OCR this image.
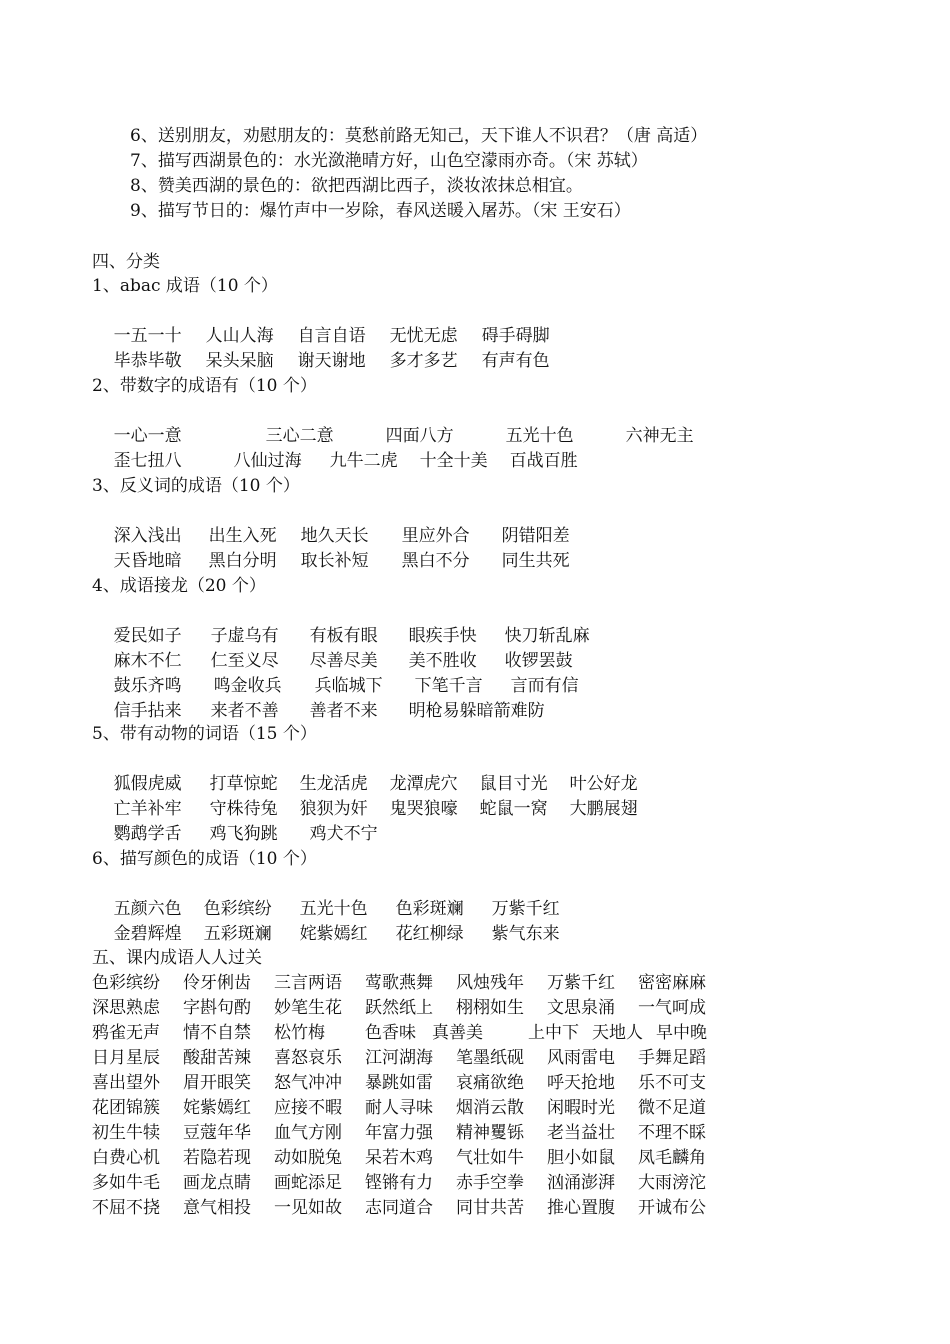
6、送别朋友，劝慰朋友的：莫愁前路无知己，天下谁人不识君？（唐 高适）
7、描写西湖景色的：水光潋滟晴方好，山色空濛雨亦奇。（宋 苏轼）
8、赞美西湖的景色的：欲把西湖比西子，淡妆浓抹总相宜。
9、描写节日的：爆竹声中一岁除，春风送暖入屠苏。（宋 王安石）
四、分类
1、abac 成语（10 个）

一五一十 人山人海 自言自语 无忧无虑 碍手碍脚

毕恭毕敬 呆头呆脑 谢天谢地 多才多艺 有声有色

2、带数字的成语有（10 个）

一心一意	三心二意	四面八方	五光十色	六神无主

歪七扭八	八仙过海 九牛二虎 十全十美 百战百胜

3、反义词的成语（10 个）

深入浅出 出生入死 地久天长 里应外合 阴错阳差

天昏地暗 黑白分明 取长补短 黑白不分 同生共死

4、成语接龙（20 个）

爱民如子 子虚乌有 有板有眼 眼疾手快 快刀斩乱麻

麻木不仁 仁至义尽 尽善尽美 美不胜收 收锣罢鼓

鼓乐齐鸣 鸣金收兵 兵临城下 下笔千言 言而有信

信手拈来 来者不善 善者不来 明枪易躲暗箭难防

5、带有动物的词语（15 个）

狐假虎威 打草惊蛇 生龙活虎 龙潭虎穴 鼠目寸光 叶公好龙

亡羊补牢 守株待兔 狼狈为奸 鬼哭狼嚎 蛇鼠一窝 大鹏展翅

鹦鹉学舌 鸡飞狗跳 鸡犬不宁

6、描写颜色的成语（10 个）

五颜六色 色彩缤纷 五光十色 色彩斑斓 万紫千红

金碧辉煌 五彩斑斓 姹紫嫣红 花红柳绿 紫气东来

五、课内成语人人过关
色彩缤纷 伶牙俐齿 三言两语 莺歌燕舞 风烛残年 万紫千红 密密麻麻
深思熟虑 字斟句酌 妙笔生花 跃然纸上 栩栩如生 文思泉涌 一气呵成
鸦雀无声 情不自禁 松竹梅 色香味 真善美	上中下 天地人 早中晚
日月星辰 酸甜苦辣 喜怒哀乐 江河湖海 笔墨纸砚 风雨雷电 手舞足蹈
喜出望外 眉开眼笑 怒气冲冲 暴跳如雷 哀痛欲绝 呼天抢地 乐不可支
花团锦簇 姹紫嫣红 应接不暇 耐人寻味 烟消云散 闲暇时光 微不足道
初生牛犊 豆蔻年华 血气方刚 年富力强 精神矍铄 老当益壮 不理不睬
白费心机 若隐若现 动如脱兔 呆若木鸡 气壮如牛 胆小如鼠 凤毛麟角
多如牛毛 画龙点睛 画蛇添足 铿锵有力 赤手空拳 汹涌澎湃 大雨滂沱
不屈不挠 意气相投 一见如故 志同道合 同甘共苦 推心置腹 开诚布公
